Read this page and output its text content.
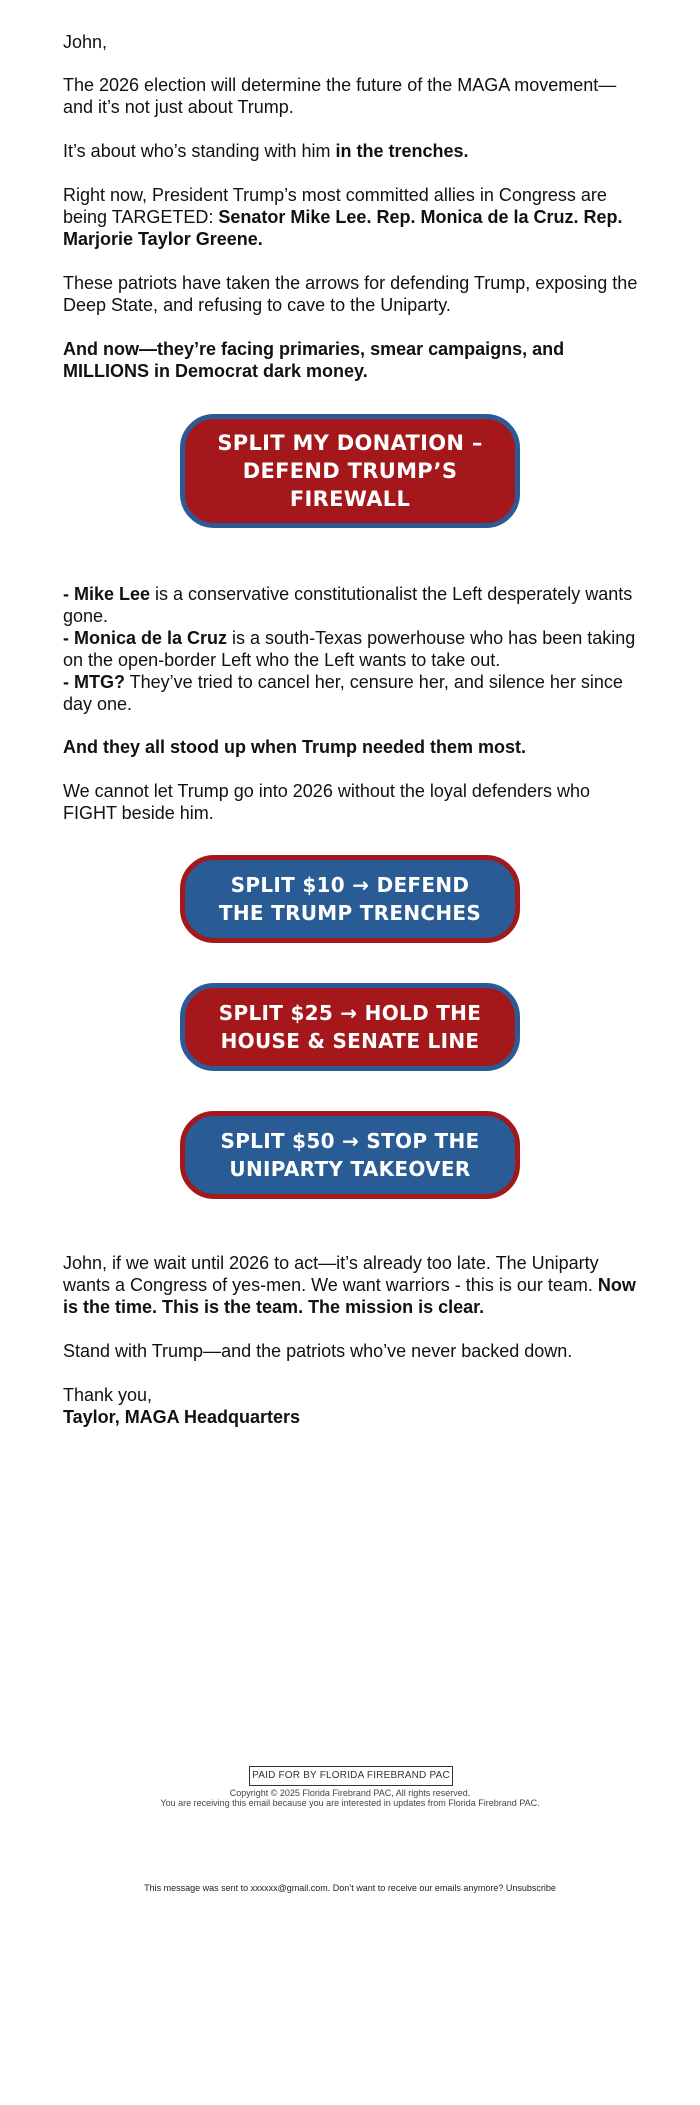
John,

The 2026 election will determine the future of the MAGA movement—and it’s not just about Trump.

It’s about who’s standing with him in the trenches.

Right now, President Trump’s most committed allies in Congress are being TARGETED: Senator Mike Lee. Rep. Monica de la Cruz. Rep. Marjorie Taylor Greene.

These patriots have taken the arrows for defending Trump, exposing the Deep State, and refusing to cave to the Uniparty.

And now—they’re facing primaries, smear campaigns, and MILLIONS in Democrat dark money.

SPLIT MY DONATION – DEFEND TRUMP’S FIREWALL

- Mike Lee is a conservative constitutionalist the Left desperately wants gone.

- Monica de la Cruz is a south-Texas powerhouse who has been taking on the open-border Left who the Left wants to take out.

- MTG? They’ve tried to cancel her, censure her, and silence her since day one.

And they all stood up when Trump needed them most.

We cannot let Trump go into 2026 without the loyal defenders who FIGHT beside him.

SPLIT $10 → DEFEND THE TRUMP TRENCHES
SPLIT $25 → HOLD THE HOUSE & SENATE LINE
SPLIT $50 → STOP THE UNIPARTY TAKEOVER

John, if we wait until 2026 to act—it’s already too late. The Uniparty wants a Congress of yes-men. We want warriors - this is our team. Now is the time. This is the team. The mission is clear.

Stand with Trump—and the patriots who’ve never backed down.

Thank you,

Taylor, MAGA Headquarters

PAID FOR BY FLORIDA FIREBRAND PAC
Copyright © 2025 Florida Firebrand PAC, All rights reserved.
You are receiving this email because you are interested in updates from Florida Firebrand PAC.
This message was sent to xxxxxx@gmail.com. Don’t want to receive our emails anymore? Unsubscribe
